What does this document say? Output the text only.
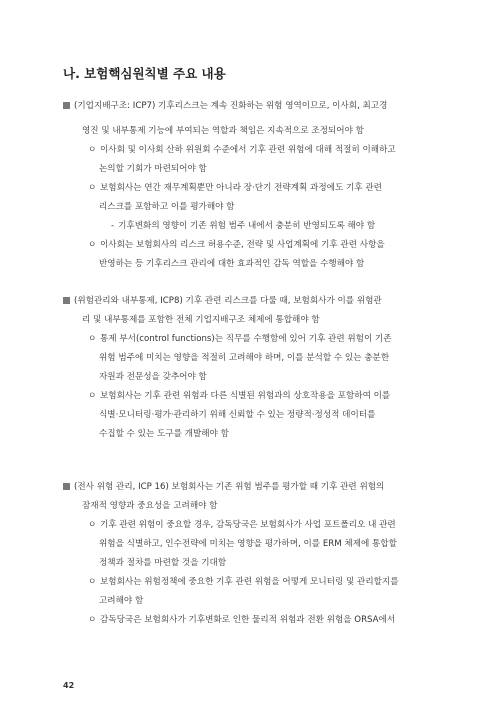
나. 보험핵심원칙별 주요 내용
(기업지배구조: ICP7) 기후리스크는 계속 진화하는 위험 영역이므로, 이사회, 최고경
영진 및 내부통제 기능에 부여되는 역할과 책임은 지속적으로 조정되어야 함
ㅇ 이사회 및 이사회 산하 위원회 수준에서 기후 관련 위험에 대해 적절히 이해하고
논의할 기회가 마련되어야 함
ㅇ 보험회사는 연간 재무계획뿐만 아니라 장·단기 전략계획 과정에도 기후 관련
리스크를 포함하고 이를 평가해야 함
- 기후변화의 영향이 기존 위험 범주 내에서 충분히 반영되도록 해야 함
ㅇ 이사회는 보험회사의 리스크 허용수준, 전략 및 사업계획에 기후 관련 사항을
반영하는 등 기후리스크 관리에 대한 효과적인 감독 역할을 수행해야 함
(위험관리와 내부통제, ICP8) 기후 관련 리스크를 다룰 때, 보험회사가 이를 위험관
리 및 내부통제를 포함한 전체 기업지배구조 체제에 통합해야 함
ㅇ 통제 부서(control functions)는 직무를 수행함에 있어 기후 관련 위험이 기존
위험 범주에 미치는 영향을 적절히 고려해야 하며, 이를 분석할 수 있는 충분한
자원과 전문성을 갖추어야 함
ㅇ 보험회사는 기후 관련 위험과 다른 식별된 위험과의 상호작용을 포함하여 이를
식별·모니터링·평가·관리하기 위해 신뢰할 수 있는 정량적·정성적 데이터를
수집할 수 있는 도구를 개발해야 함
(전사 위험 관리, ICP 16) 보험회사는 기존 위험 범주를 평가할 때 기후 관련 위험의
잠재적 영향과 중요성을 고려해야 함
ㅇ 기후 관련 위험이 중요할 경우, 감독당국은 보험회사가 사업 포트폴리오 내 관련
위험을 식별하고, 인수전략에 미치는 영향을 평가하며, 이를 ERM 체제에 통합할
정책과 절차를 마련할 것을 기대함
ㅇ 보험회사는 위험정책에 중요한 기후 관련 위험을 어떻게 모니터링 및 관리할지를
고려해야 함
ㅇ 감독당국은 보험회사가 기후변화로 인한 물리적 위험과 전환 위험을 ORSA에서
42
